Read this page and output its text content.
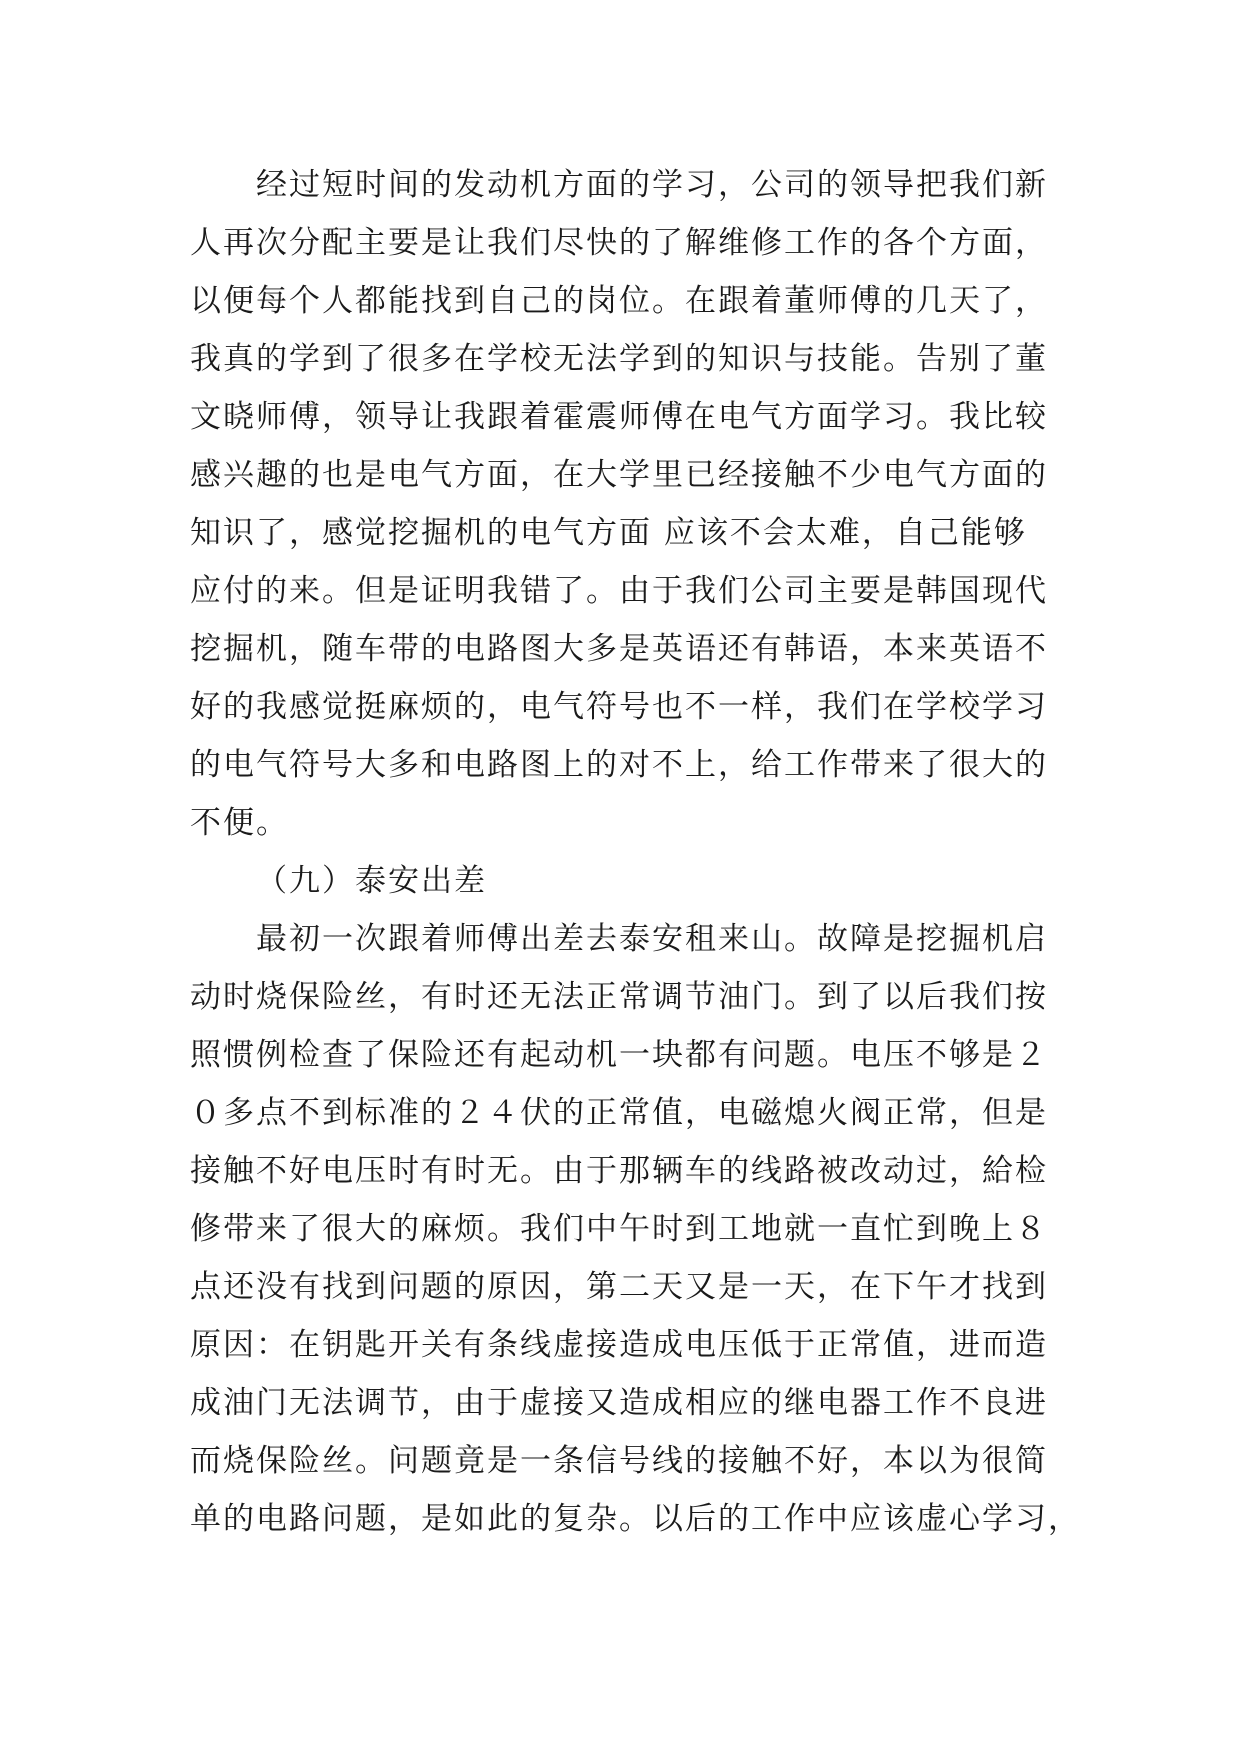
经过短时间的发动机方面的学习，公司的领导把我们新
人再次分配主要是让我们尽快的了解维修工作的各个方面，
以便每个人都能找到自己的岗位。在跟着董师傅的几天了，
我真的学到了很多在学校无法学到的知识与技能。告别了董
文晓师傅，领导让我跟着霍震师傅在电气方面学习。我比较
感兴趣的也是电气方面，在大学里已经接触不少电气方面的
知识了，感觉挖掘机的电气方面 应该不会太难，自己能够
应付的来。但是证明我错了。由于我们公司主要是韩国现代
挖掘机，随车带的电路图大多是英语还有韩语，本来英语不
好的我感觉挺麻烦的，电气符号也不一样，我们在学校学习
的电气符号大多和电路图上的对不上，给工作带来了很大的
不便。
（九）泰安出差
最初一次跟着师傅出差去泰安租来山。故障是挖掘机启
动时烧保险丝，有时还无法正常调节油门。到了以后我们按
照惯例检查了保险还有起动机一块都有问题。电压不够是２
０多点不到标准的２４伏的正常值，电磁熄火阀正常，但是
接触不好电压时有时无。由于那辆车的线路被改动过，給检
修带来了很大的麻烦。我们中午时到工地就一直忙到晚上８
点还没有找到问题的原因，第二天又是一天，在下午才找到
原因：在钥匙开关有条线虚接造成电压低于正常值，进而造
成油门无法调节，由于虚接又造成相应的继电器工作不良进
而烧保险丝。问题竟是一条信号线的接触不好，本以为很简
单的电路问题，是如此的复杂。以后的工作中应该虚心学习，
